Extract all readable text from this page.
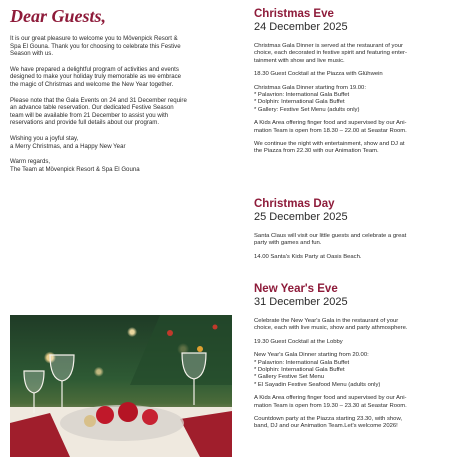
Dear Guests,

It is our great pleasure to welcome you to Mövenpick Resort &
Spa El Gouna. Thank you for choosing to celebrate this Festive
Season with us.

We have prepared a delightful program of activities and events
designed to make your holiday truly memorable as we embrace
the magic of Christmas and welcome the New Year together.

Please note that the Gala Events on 24 and 31 December require
an advance table reservation. Our dedicated Festive Season
team will be available from 21 December to assist you with
reservations and provide full details about our program.

Wishing you a joyful stay,
a Merry Christmas, and a Happy New Year

Warm regards,
The Team at Mövenpick Resort & Spa El Gouna

Christmas Eve
24 December 2025

Christmas Gala Dinner is served at the restaurant of your
choice, each decorated in festive spirit and featuring enter-
tainment with show and live music.

18.30 Guest Cocktail at the Piazza with Glühwein

Christmas Gala Dinner starting from 19.00:
* Palavrion: International Gala Buffet
* Dolphin: International Gala Buffet
* Gallery: Festive Set Menu (adults only)

A Kids Area offering finger food and supervised by our Ani-
mation Team is open from 18.30 – 22.00 at Seastar Room.

We continue the night with entertainment, show and DJ at
the Piazza from 22.30 with our Animation Team.

Christmas Day
25 December 2025

Santa Claus will visit our little guests and celebrate a great
party with games and fun.

14.00 Santa's Kids Party at Oasis Beach.

New Year's Eve
31 December 2025

Celebrate the New Year's Gala in the restaurant of your
choice, each with live music, show and party athmosphere.

19.30 Guest Cocktail at the Lobby

New Year's Gala Dinner starting from 20.00:
* Palavrion: International Gala Buffet
* Dolphin: International Gala Buffet
* Gallery Festive Set Menu
* El Sayadin Festive Seafood Menu (adults only)

A Kids Area offering finger food and supervised by our Ani-
mation Team is open from 19.30 – 23.30 at Seastar Room.

Countdown party at the Piazza starting 23.30, with show,
band, DJ and our Animation Team.Let's welcome 2026!
